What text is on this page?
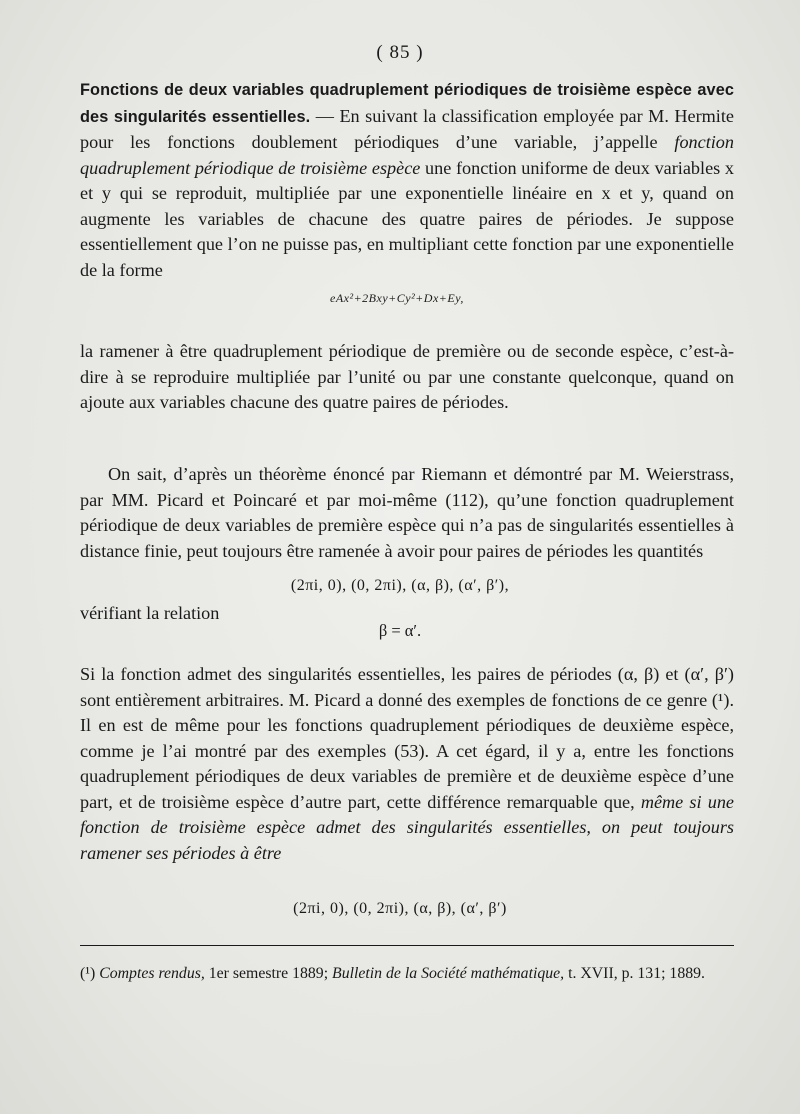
( 85 )

Fonctions de deux variables quadruplement périodiques de troisième espèce avec des singularités essentielles. — En suivant la classification employée par M. Hermite pour les fonctions doublement périodiques d’une variable, j’appelle fonction quadruplement périodique de troisième espèce une fonction uniforme de deux variables x et y qui se reproduit, multipliée par une exponentielle linéaire en x et y, quand on augmente les variables de chacune des quatre paires de périodes. Je suppose essentiellement que l’on ne puisse pas, en multipliant cette fonction par une exponentielle de la forme

eAx²+2Bxy+Cy²+Dx+Ey,

la ramener à être quadruplement périodique de première ou de seconde espèce, c’est-à-dire à se reproduire multipliée par l’unité ou par une constante quelconque, quand on ajoute aux variables chacune des quatre paires de périodes.

On sait, d’après un théorème énoncé par Riemann et démontré par M. Weierstrass, par MM. Picard et Poincaré et par moi-même (112), qu’une fonction quadruplement périodique de deux variables de première espèce qui n’a pas de singularités essentielles à distance finie, peut toujours être ramenée à avoir pour paires de périodes les quantités

(2πi, 0), (0, 2πi), (α, β), (α′, β′),
vérifiant la relation
β = α′.

Si la fonction admet des singularités essentielles, les paires de périodes (α, β) et (α′, β′) sont entièrement arbitraires. M. Picard a donné des exemples de fonctions de ce genre (¹). Il en est de même pour les fonctions quadruplement périodiques de deuxième espèce, comme je l’ai montré par des exemples (53). A cet égard, il y a, entre les fonctions quadruplement périodiques de deux variables de première et de deuxième espèce d’une part, et de troisième espèce d’autre part, cette différence remarquable que, même si une fonction de troisième espèce admet des singularités essentielles, on peut toujours ramener ses périodes à être

(2πi, 0), (0, 2πi), (α, β), (α′, β′)
(¹) Comptes rendus, 1er semestre 1889; Bulletin de la Société mathématique, t. XVII, p. 131; 1889.
